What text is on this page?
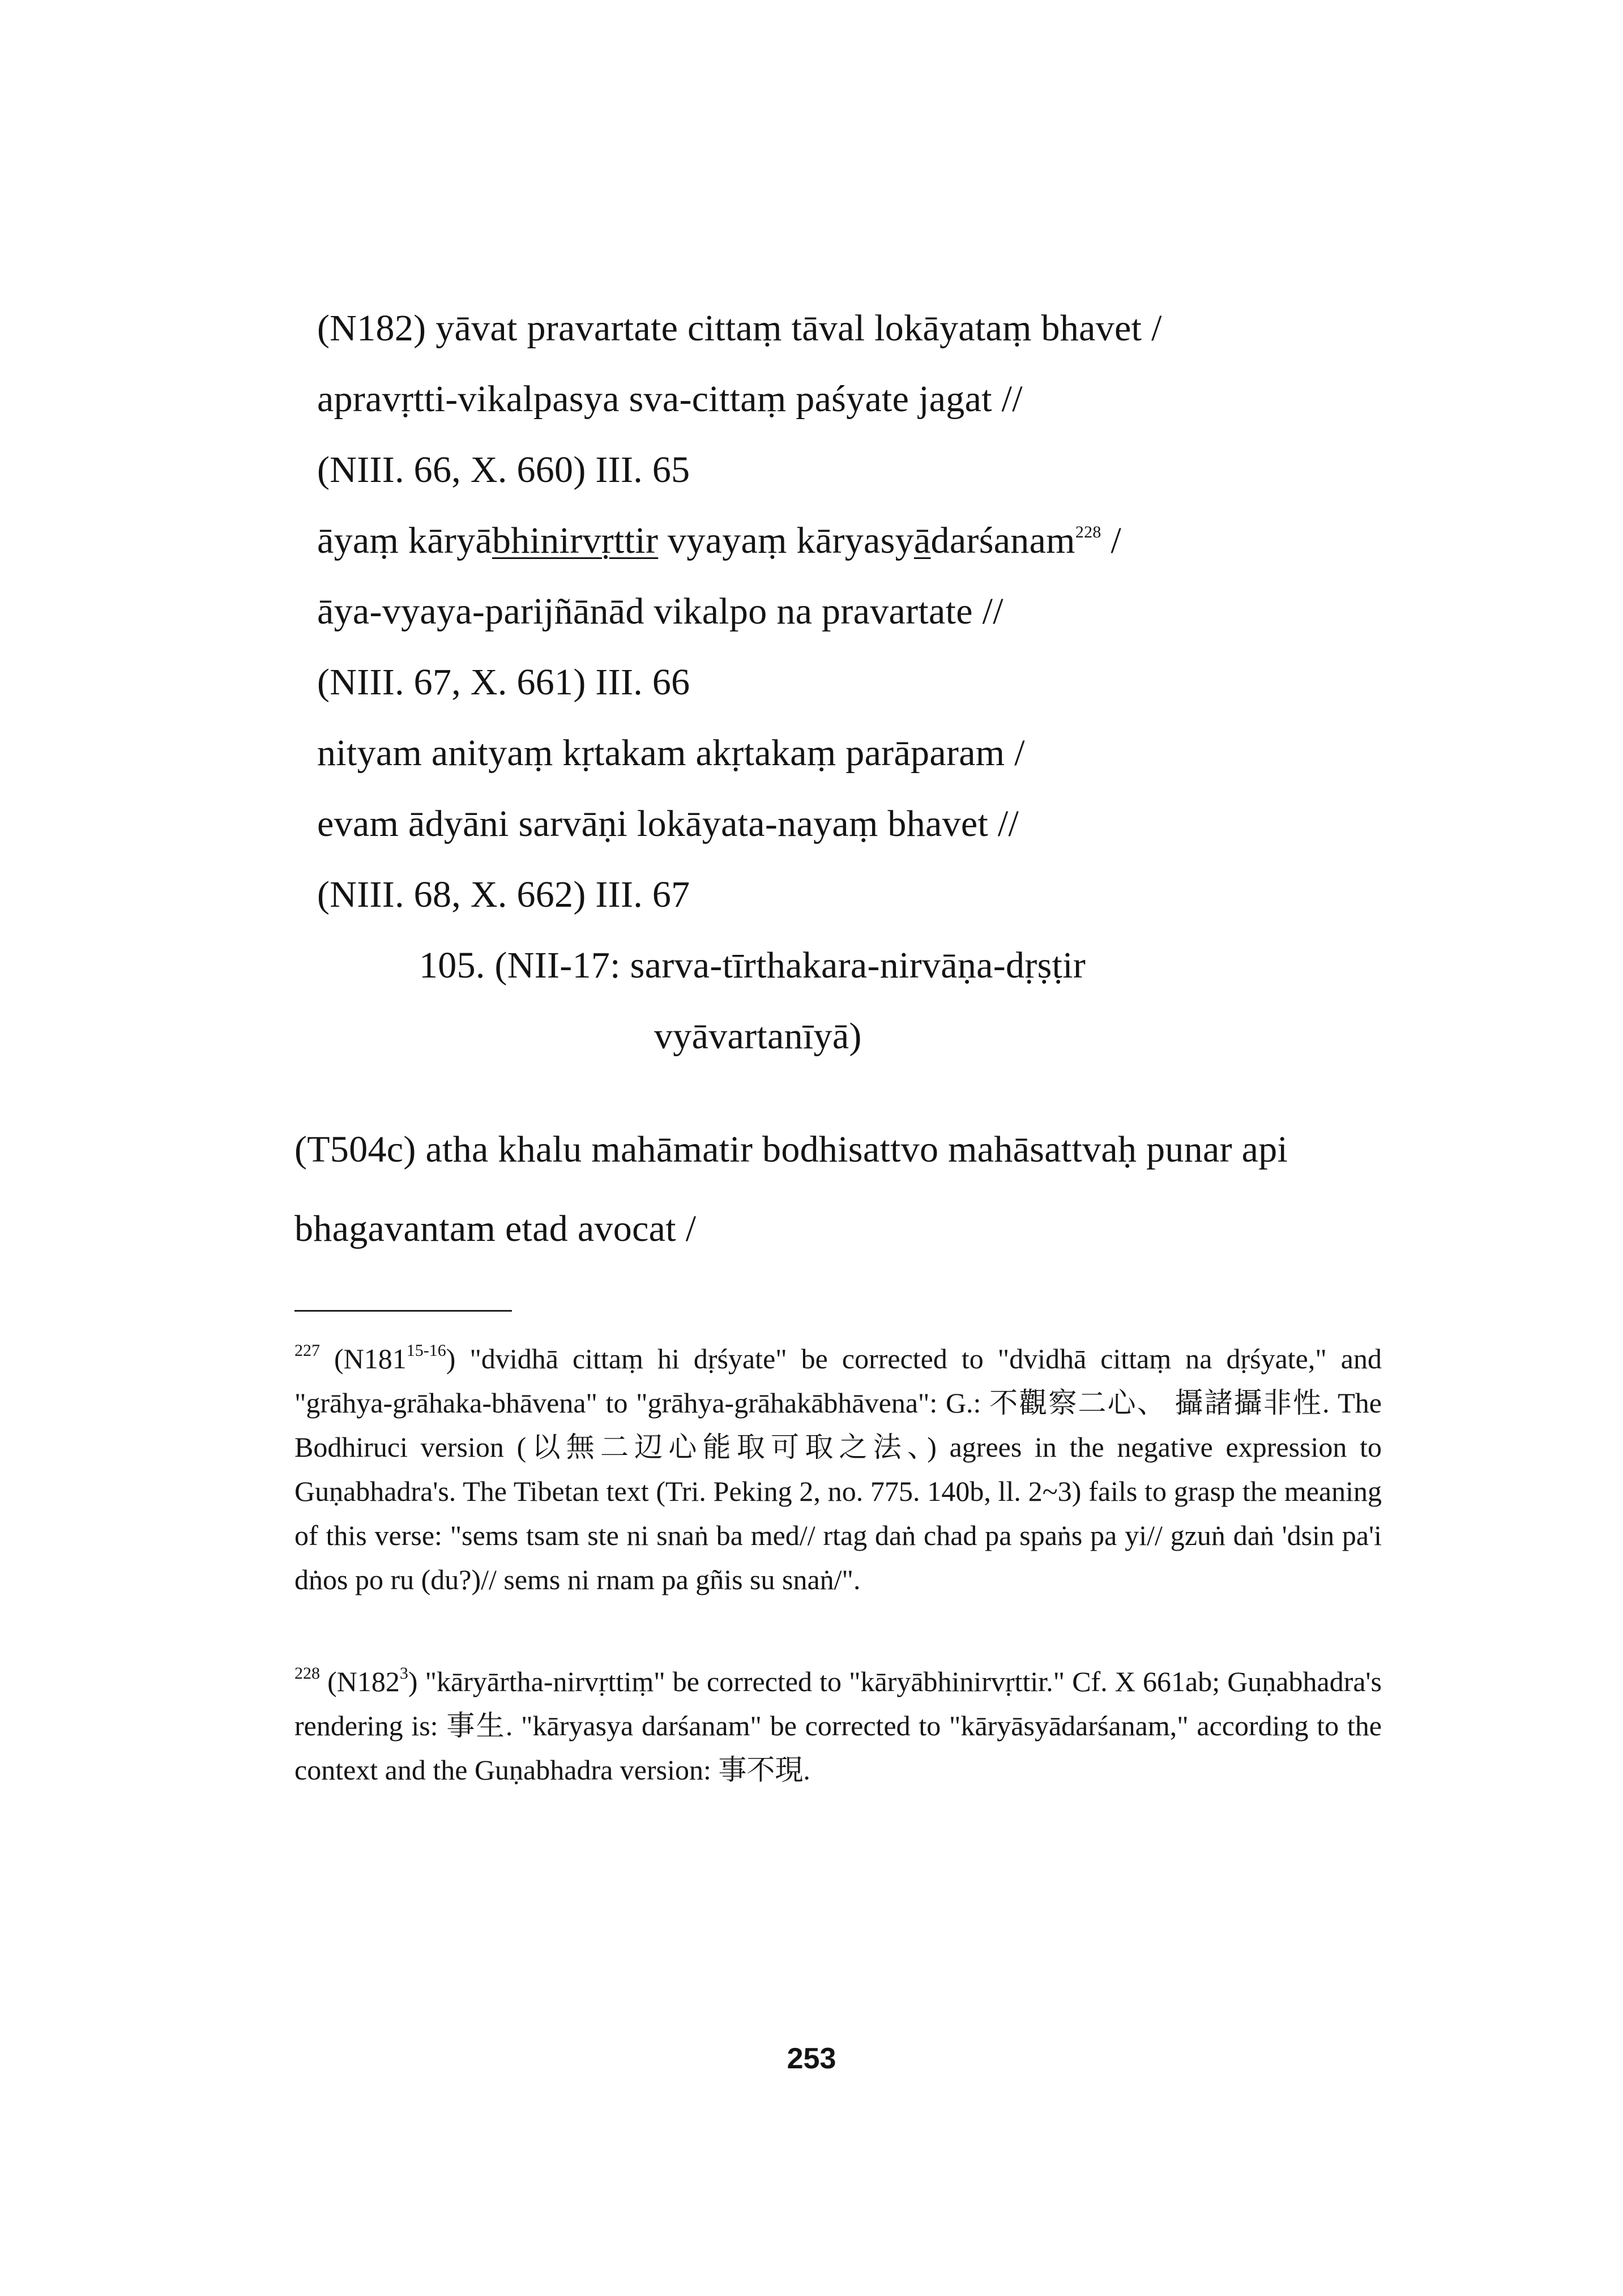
(N182) yāvat pravartate cittaṃ tāval lokāyataṃ bhavet /
apravṛtti-vikalpasya sva-cittaṃ paśyate jagat //
(NIII. 66, X. 660) III. 65
āyaṃ kāryābhinirvṛttir vyayaṃ kāryasyādarśanam$^{228}$ /
āya-vyaya-parijñānād vikalpo na pravartate //
(NIII. 67, X. 661) III. 66
nityam anityaṃ kṛtakam akṛtakaṃ parāparam /
evam ādyāni sarvāṇi lokāyata-nayaṃ bhavet //
(NIII. 68, X. 662) III. 67
105. (NII-17: sarva-tīrthakara-nirvāṇa-dṛṣṭir
vyāvartanīyā)
(T504c) atha khalu mahāmatir bodhisattvo mahāsattvaḥ punar api
bhagavantam etad avocat /
$^{227}$ (N181$^{15-16}$) "dvidhā cittaṃ hi dṛśyate" be corrected to "dvidhā cittaṃ na dṛśyate," and "grāhya-grāhaka-bhāvena" to "grāhya-grāhakābhāvena": G.: 不觀察二心、 攝諸攝非性. The Bodhiruci version (以無二辺心能取可取之法、) agrees in the negative expression to Guṇabhadra's. The Tibetan text (Tri. Peking 2, no. 775. 140b, ll. 2~3) fails to grasp the meaning of this verse: "sems tsam ste ni snaṅ ba med// rtag daṅ chad pa spaṅs pa yi// gzuṅ daṅ 'dsin pa'i dṅos po ru (du?)// sems ni rnam pa gñis su snaṅ/".
$^{228}$ $(N182^3)$ "kāryārtha-nirvṛttiṃ" be corrected to "kāryābhinirvṛttir." Cf. X 661ab; Guṇabhadra's rendering is: 事生. "kāryasya darśanam" be corrected to "kāryāsyādarśanam," according to the context and the Guṇabhadra version: 事不現.
253
